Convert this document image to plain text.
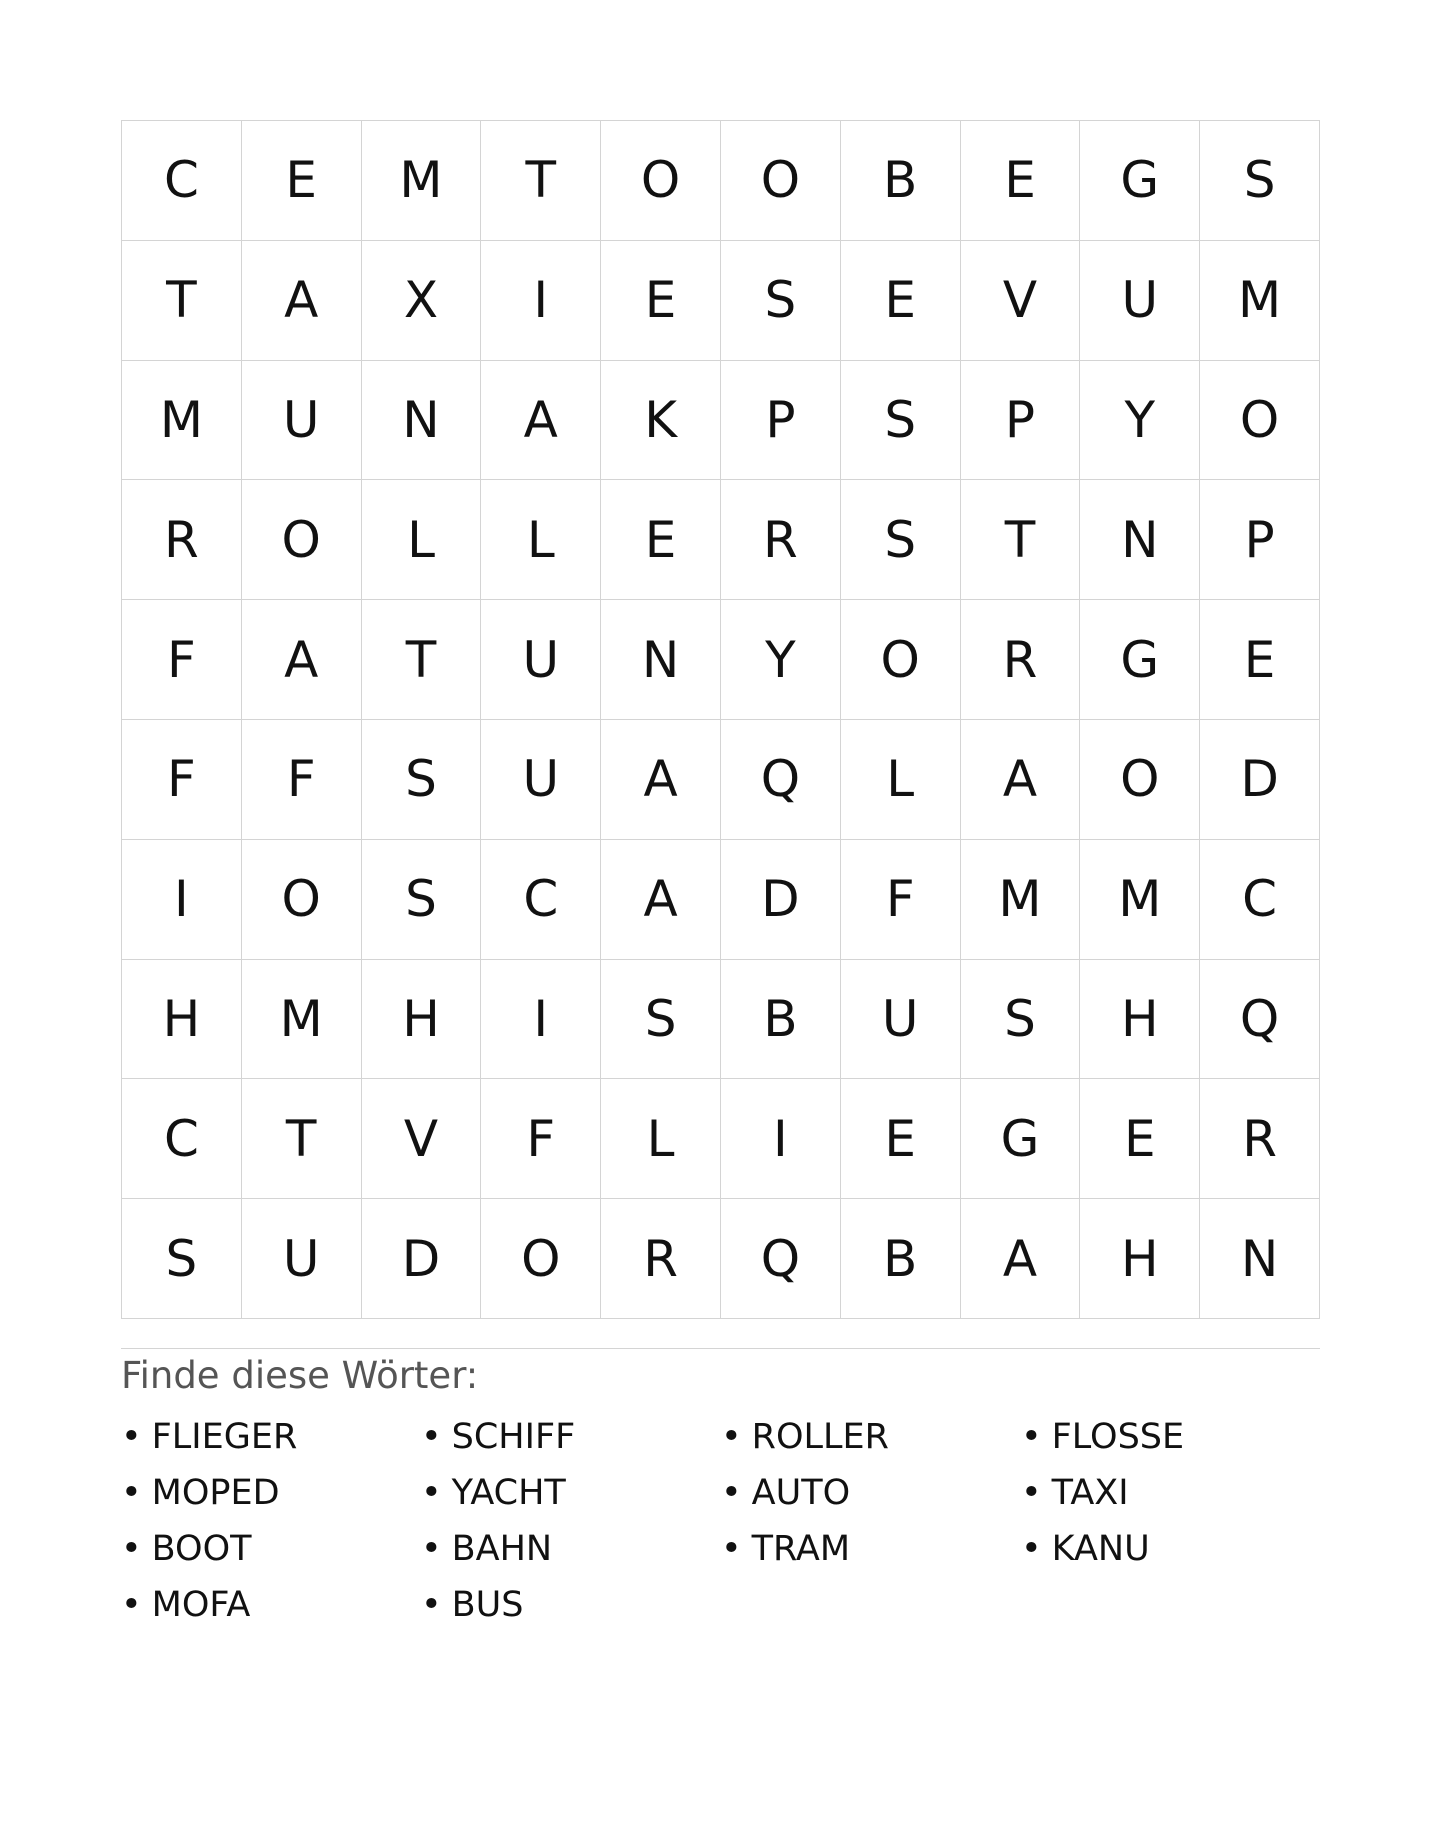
C	E	M	T	O	O	B	E	G	S
T	A	X	I	E	S	E	V	U	M
M	U	N	A	K	P	S	P	Y	O
R	O	L	L	E	R	S	T	N	P
F	A	T	U	N	Y	O	R	G	E
F	F	S	U	A	Q	L	A	O	D
I	O	S	C	A	D	F	M	M	C
H	M	H	I	S	B	U	S	H	Q
C	T	V	F	L	I	E	G	E	R
S	U	D	O	R	Q	B	A	H	N
Finde diese Wörter:
• FLIEGER	• SCHIFF	• ROLLER	• FLOSSE
• MOPED	• YACHT	• AUTO	• TAXI
• BOOT	• BAHN	• TRAM	• KANU
• MOFA	• BUS
